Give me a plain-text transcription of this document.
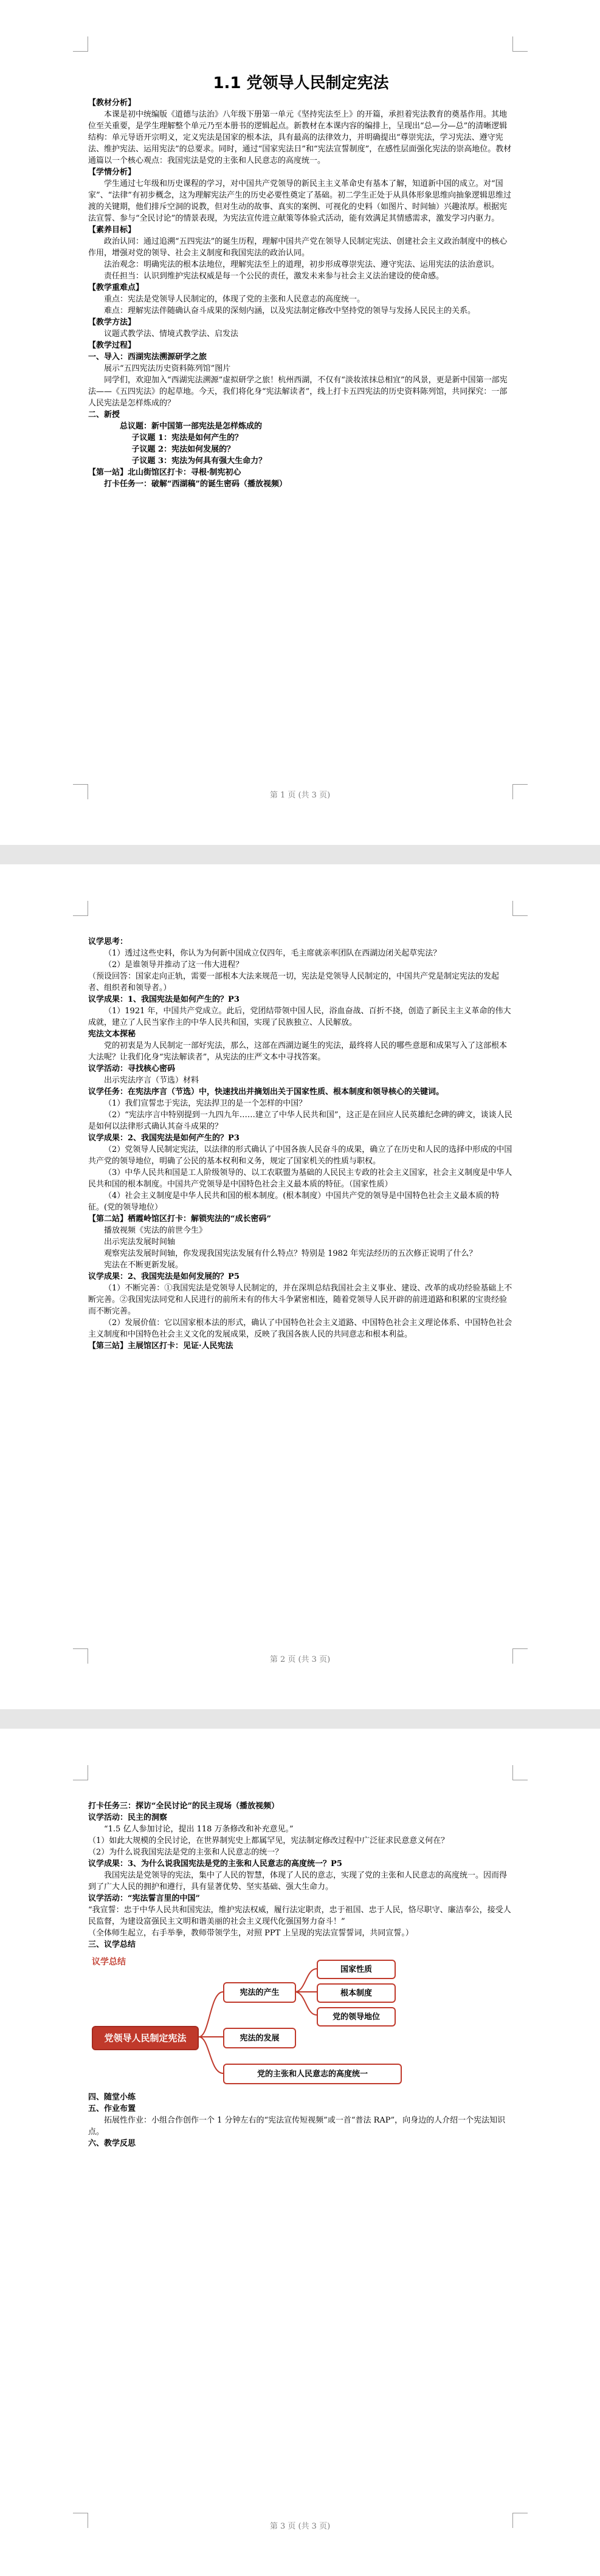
1.1 党领导人民制定宪法

【教材分析】

本课是初中统编版《道德与法治》八年级下册第一单元《坚持宪法至上》的开篇，承担着宪法教育的奠基作用。其地位至关重要，是学生理解整个单元乃至本册书的逻辑起点。新教材在本课内容的编排上，呈现出“总—分—总”的清晰逻辑结构：单元导语开宗明义，定义宪法是国家的根本法，具有最高的法律效力，并明确提出“尊崇宪法，学习宪法、遵守宪法、维护宪法、运用宪法”的总要求。同时，通过“国家宪法日”和“宪法宣誓制度”，在感性层面强化宪法的崇高地位。教材通篇以一个核心观点：我国宪法是党的主张和人民意志的高度统一。

【学情分析】

学生通过七年级和历史课程的学习，对中国共产党领导的新民主主义革命史有基本了解，知道新中国的成立。对“国家”、“法律”有初步概念，这为理解宪法产生的历史必要性奠定了基础。初二学生正处于从具体形象思维向抽象逻辑思维过渡的关键期，他们排斥空洞的说教，但对生动的故事、真实的案例、可视化的史料（如图片、时间轴）兴趣浓厚。根据宪法宣誓、参与“全民讨论”的情景表现，为宪法宣传进立献策等体验式活动，能有效满足其情感需求，激发学习内驱力。

【素养目标】

政治认同：通过追溯“五四宪法”的诞生历程，理解中国共产党在领导人民制定宪法、创建社会主义政治制度中的核心作用，增强对党的领导、社会主义制度和我国宪法的政治认同。

法治观念：明确宪法的根本法地位，理解宪法至上的道理，初步形成尊崇宪法、遵守宪法、运用宪法的法治意识。

责任担当：认识到维护宪法权威是每一个公民的责任，激发未来参与社会主义法治建设的使命感。

【教学重难点】

重点：宪法是党领导人民制定的，体现了党的主张和人民意志的高度统一。

难点：理解宪法伴随确认奋斗成果的深刻内涵，以及宪法制定修改中坚持党的领导与发扬人民民主的关系。

【教学方法】

议题式教学法、情境式教学法、启发法

【教学过程】

一、导入：西湖宪法溯源研学之旅

展示“五四宪法历史资料陈列馆”图片

同学们，欢迎加入“西湖宪法溯源”虚拟研学之旅！杭州西湖，不仅有“淡妆浓抹总相宜”的风景，更是新中国第一部宪法——《五四宪法》的起草地。今天，我们将化身“宪法解读者”，线上打卡五四宪法的历史资料陈列馆，共同探究：一部人民宪法是怎样炼成的？

二、新授

总议题：新中国第一部宪法是怎样炼成的

子议题 1：宪法是如何产生的？

子议题 2：宪法如何发展的？

子议题 3：宪法为何具有强大生命力？

【第一站】北山街馆区打卡：寻根·制宪初心

打卡任务一：破解“西湖稿”的诞生密码（播放视频）

第 1 页 (共 3 页)

议学思考：

（1）透过这些史料，你认为为何新中国成立仅四年，毛主席就亲率团队在西湖边闭关起草宪法？

（2）是谁领导并推动了这一伟大进程？

（预设回答：国家走向正轨，需要一部根本大法来规范一切，宪法是党领导人民制定的，中国共产党是制定宪法的发起者、组织者和领导者。）

议学成果：1、我国宪法是如何产生的？P3

（1）1921 年，中国共产党成立。此后，党团结带领中国人民，浴血奋战、百折不挠，创造了新民主主义革命的伟大成就，建立了人民当家作主的中华人民共和国，实现了民族独立、人民解放。

宪法文本探秘

党的初衷是为人民制定一部好宪法，那么，这部在西湖边诞生的宪法，最终将人民的哪些意愿和成果写入了这部根本大法呢？让我们化身“宪法解读者”，从宪法的庄严文本中寻找答案。

议学活动：寻找核心密码

出示宪法序言（节选）材料

议学任务：在宪法序言（节选）中，快速找出并摘划出关于国家性质、根本制度和领导核心的关键词。

（1）我们宣誓忠于宪法，宪法捍卫的是一个怎样的中国？

（2）“宪法序言中特别提到一九四九年……建立了中华人民共和国”，这正是在回应人民英雄纪念碑的碑文，谈谈人民是如何以法律形式确认其奋斗成果的？

议学成果：2、我国宪法是如何产生的？P3

（2）党领导人民制定宪法，以法律的形式确认了中国各族人民奋斗的成果，确立了在历史和人民的选择中形成的中国共产党的领导地位，明确了公民的基本权利和义务，规定了国家机关的性质与职权。

（3）中华人民共和国是工人阶级领导的、以工农联盟为基础的人民民主专政的社会主义国家，社会主义制度是中华人民共和国的根本制度。中国共产党领导是中国特色社会主义最本质的特征。（国家性质）

（4）社会主义制度是中华人民共和国的根本制度。(根本制度）中国共产党的领导是中国特色社会主义最本质的特征。(党的领导地位）

【第二站】栖霞岭馆区打卡：解锁宪法的“成长密码”

播放视频《宪法的前世今生》

出示宪法发展时间轴

观察宪法发展时间轴，你发现我国宪法发展有什么特点？特别是 1982 年宪法经历的五次修正说明了什么？

宪法在不断更新发展。

议学成果：2、我国宪法是如何发展的？P5

（1）不断完善：①我国宪法是党领导人民制定的，并在深圳总结我国社会主义事业、建设、改革的成功经验基础上不断完善。②我国宪法同党和人民进行的前所未有的伟大斗争紧密相连，随着党领导人民开辟的前进道路和积累的宝贵经验而不断完善。

（2）发展价值：它以国家根本法的形式，确认了中国特色社会主义道路、中国特色社会主义理论体系、中国特色社会主义制度和中国特色社会主义文化的发展成果，反映了我国各族人民的共同意志和根本利益。

【第三站】主展馆区打卡：见证·人民宪法

第 2 页 (共 3 页)

打卡任务三：探访“全民讨论”的民主现场（播放视频）

议学活动：民主的洞察

“1.5 亿人参加讨论，提出 118 万条修改和补充意见。”

（1）如此大规模的全民讨论，在世界制宪史上都属罕见，宪法制定修改过程中广泛征求民意意义何在？

（2）为什么说我国宪法是党的主张和人民意志的统一？

议学成果：3、为什么说我国宪法是党的主张和人民意志的高度统一？P5

我国宪法是党领导的宪法，集中了人民的智慧，体现了人民的意志，实现了党的主张和人民意志的高度统一。因而得到了广大人民的拥护和遵行，具有显著优势、坚实基础、强大生命力。

议学活动：“宪法誓言里的中国”

“我宣誓：忠于中华人民共和国宪法，维护宪法权威，履行法定职责，忠于祖国、忠于人民，恪尽职守、廉洁奉公，接受人民监督，为建设富强民主文明和谐美丽的社会主义现代化强国努力奋斗！”

（全体师生起立，右手举拳，教师带领学生，对照 PPT 上呈现的宪法宣誓誓词，共同宣誓。）

三、议学总结

议学总结
党领导人民制定宪法
宪法的产生
宪法的发展
国家性质
根本制度
党的领导地位
党的主张和人民意志的高度统一

四、随堂小练

五、作业布置

拓展性作业：小组合作创作一个 1 分钟左右的“宪法宣传短视频”或一首“普法 RAP”，向身边的人介绍一个宪法知识点。

六、教学反思

第 3 页 (共 3 页)
